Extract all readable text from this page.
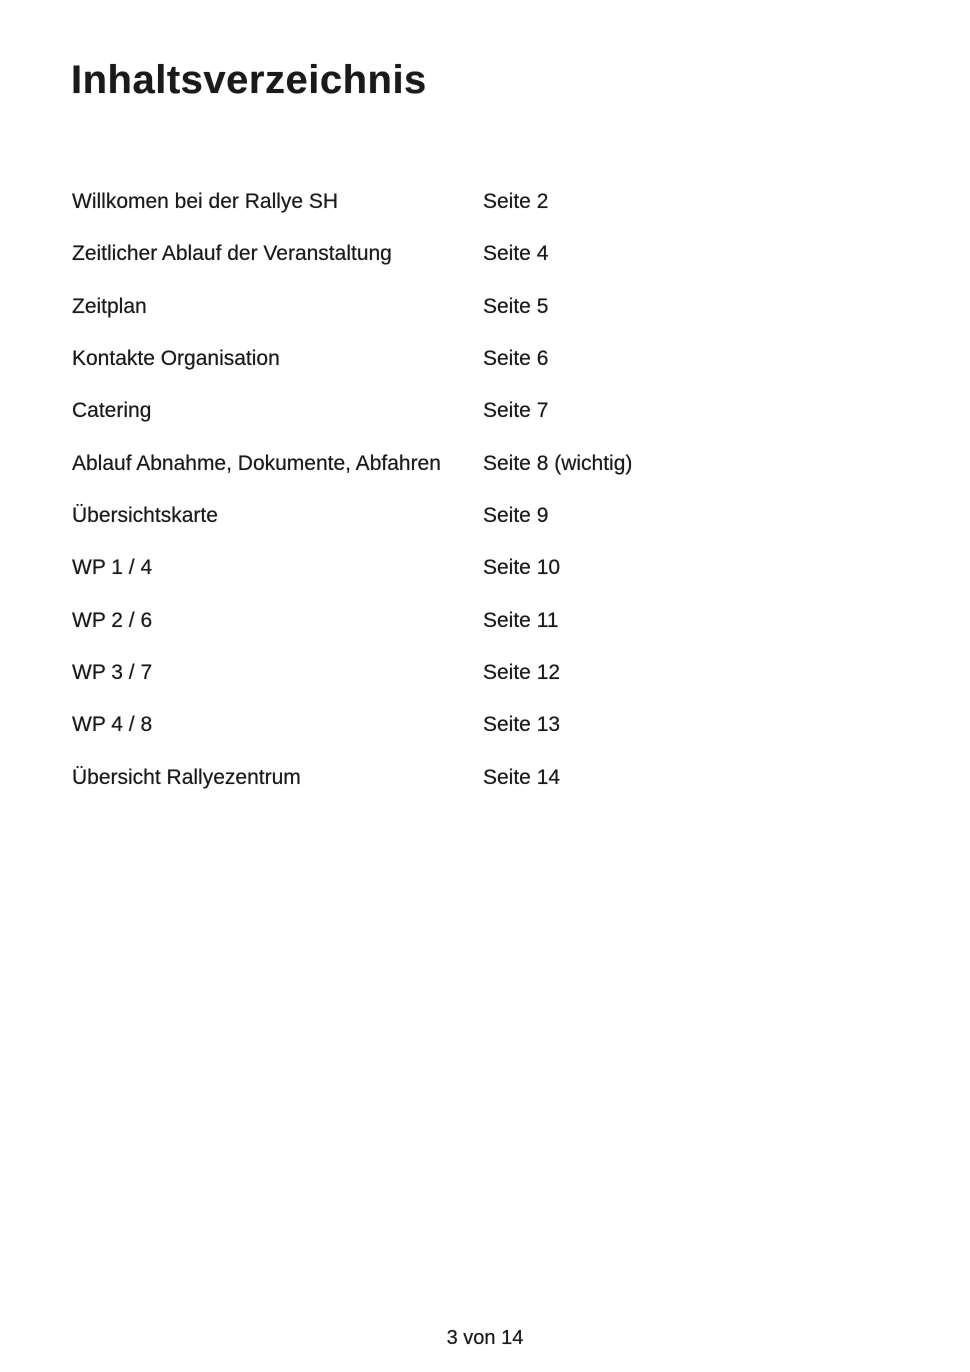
Inhaltsverzeichnis
Willkomen bei der Rallye SH	Seite 2
Zeitlicher Ablauf der Veranstaltung	Seite 4
Zeitplan	Seite 5
Kontakte Organisation	Seite 6
Catering	Seite 7
Ablauf Abnahme, Dokumente, Abfahren Seite 8 (wichtig)
Übersichtskarte	Seite 9
WP 1 / 4	Seite 10
WP 2 / 6	Seite 11
WP 3 / 7	Seite 12
WP 4 / 8	Seite 13
Übersicht Rallyezentrum	Seite 14
3 von 14
